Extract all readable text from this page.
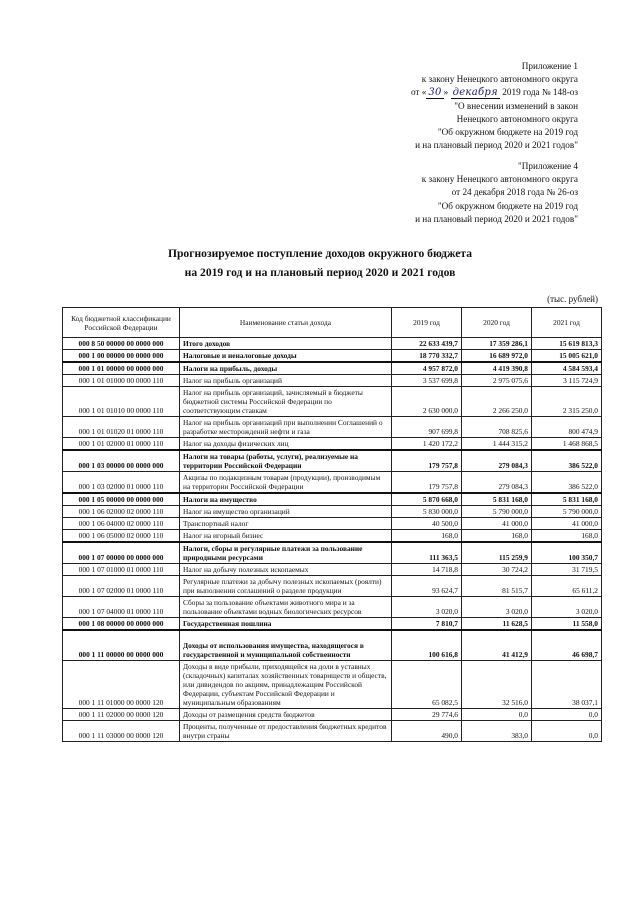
Приложение 1
к закону Ненецкого автономного округа
от « 30 » декабря 2019 года № 148-оз
"О внесении изменений в закон
Ненецкого автономного округа
"Об окружном бюджете на 2019 год
и на плановый период 2020 и 2021 годов"
"Приложение 4
к закону Ненецкого автономного округа
от 24 декабря 2018 года № 26-оз
"Об окружном бюджете на 2019 год
и на плановый период 2020 и 2021 годов"
Прогнозируемое поступление доходов окружного бюджета
на 2019 год и на плановый период 2020 и 2021 годов
(тыс. рублей)
Код бюджетной классификации Российской Федерации	Наименование статьи дохода	2019 год	2020 год	2021 год
000 8 50 00000 00 0000 000	Итого доходов	22 633 439,7	17 359 286,1	15 619 813,3
000 1 00 00000 00 0000 000	Налоговые и неналоговые доходы	18 770 332,7	16 689 972,0	15 005 621,0
000 1 01 00000 00 0000 000	Налоги на прибыль, доходы	4 957 872,0	4 419 390,8	4 584 593,4
000 1 01 01000 00 0000 110	Налог на прибыль организаций	3 537 699,8	2 975 075,6	3 115 724,9
000 1 01 01010 00 0000 110	Налог на прибыль организаций, зачисляемый в бюджеты бюджетной системы Российской Федерации по соответствующим ставкам	2 630 000,0	2 266 250,0	2 315 250,0
000 1 01 01020 01 0000 110	Налог на прибыль организаций при выполнении Соглашений о разработке месторождений нефти и газа	907 699,8	708 825,6	800 474,9
000 1 01 02000 01 0000 110	Налог на доходы физических лиц	1 420 172,2	1 444 315,2	1 468 868,5
000 1 03 00000 00 0000 000	Налоги на товары (работы, услуги), реализуемые на территории Российской Федерации	179 757,8	279 084,3	386 522,0
000 1 03 02000 01 0000 110	Акцизы по подакцизным товарам (продукции), производимым на территории Российской Федерации	179 757,8	279 084,3	386 522,0
000 1 05 00000 00 0000 000	Налоги на имущество	5 870 668,0	5 831 168,0	5 831 168,0
000 1 06 02000 02 0000 110	Налог на имущество организаций	5 830 000,0	5 790 000,0	5 790 000,0
000 1 06 04000 02 0000 110	Транспортный налог	40 500,0	41 000,0	41 000,0
000 1 06 05000 02 0000 110	Налог на игорный бизнес	168,0	168,0	168,0
000 1 07 00000 00 0000 000	Налоги, сборы и регулярные платежи за пользование природными ресурсами	111 363,5	115 259,9	100 350,7
000 1 07 01000 01 0000 110	Налог на добычу полезных ископаемых	14 718,8	30 724,2	31 719,5
000 1 07 02000 01 0000 110	Регулярные платежи за добычу полезных ископаемых (роялти) при выполнении соглашений о разделе продукции	93 624,7	81 515,7	65 611,2
000 1 07 04000 01 0000 110	Сборы за пользование объектами животного мира и за пользование объектами водных биологических ресурсов	3 020,0	3 020,0	3 020,0
000 1 08 00000 00 0000 000	Государственная пошлина	7 810,7	11 628,5	11 558,0
000 1 11 00000 00 0000 000	Доходы от использования имущества, находящегося в государственной и муниципальной собственности	100 616,8	41 412,9	46 698,7
000 1 11 01000 00 0000 120	Доходы в виде прибыли, приходящейся на доли в уставных (складочных) капиталах хозяйственных товариществ и обществ, или дивидендов по акциям, принадлежащим Российской Федерации, субъектам Российской Федерации и муниципальным образованиям	65 082,5	32 516,0	38 037,1
000 1 11 02000 00 0000 120	Доходы от размещения средств бюджетов	29 774,6	0,0	0,0
000 1 11 03000 00 0000 120	Проценты, полученные от предоставления бюджетных кредитов внутри страны	490,0	383,0	0,0
